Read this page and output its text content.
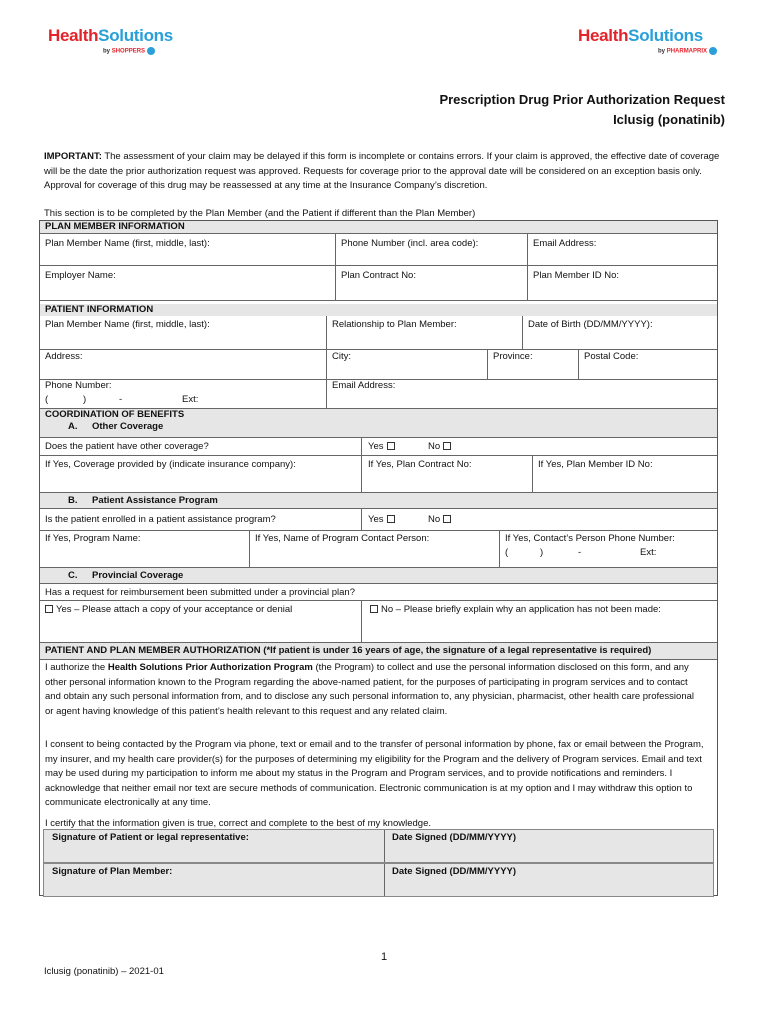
HealthSolutions
by SHOPPERS
HealthSolutions
by PHARMAPRIX
Prescription Drug Prior Authorization Request
Iclusig (ponatinib)
IMPORTANT: The assessment of your claim may be delayed if this form is incomplete or contains errors. If your claim is approved, the effective date of coverage will be the date the prior authorization request was approved. Requests for coverage prior to the approval date will be considered on an exception basis only. Approval for coverage of this drug may be reassessed at any time at the Insurance Company’s discretion.
This section is to be completed by the Plan Member (and the Patient if different than the Plan Member)
PLAN MEMBER INFORMATION
Plan Member Name (first, middle, last):	Phone Number (incl. area code):	Email Address:
Employer Name:	Plan Contract No:	Plan Member ID No:
PATIENT INFORMATION
Plan Member Name (first, middle, last):	Relationship to Plan Member:	Date of Birth (DD/MM/YYYY):
Address:	City:	Province:	Postal Code:
Phone Number:
(	)	-	Ext:
Email Address:
COORDINATION OF BENEFITS
A. Other Coverage
Does the patient have other coverage?	Yes	No
If Yes, Coverage provided by (indicate insurance company):	If Yes, Plan Contract No:	If Yes, Plan Member ID No:
B. Patient Assistance Program
Is the patient enrolled in a patient assistance program?	Yes	No
If Yes, Program Name:	If Yes, Name of Program Contact Person:	If Yes, Contact’s Person Phone Number:
(	)	-	Ext:
C. Provincial Coverage
Has a request for reimbursement been submitted under a provincial plan?
Yes – Please attach a copy of your acceptance or denial	No – Please briefly explain why an application has not been made:
PATIENT AND PLAN MEMBER AUTHORIZATION (*If patient is under 16 years of age, the signature of a legal representative is required)
I authorize the Health Solutions Prior Authorization Program (the Program) to collect and use the personal information disclosed on this form, and any other personal information known to the Program regarding the above-named patient, for the purposes of participating in program services and to contact and obtain any such personal information from, and to disclose any such personal information to, any physician, pharmacist, other health care professional or agent having knowledge of this patient’s health relevant to this request and any related claim.
I consent to being contacted by the Program via phone, text or email and to the transfer of personal information by phone, fax or email between the Program, my insurer, and my health care provider(s) for the purposes of determining my eligibility for the Program and the delivery of Program services. Email and text may be used during my participation to inform me about my status in the Program and Program services, and to provide notifications and reminders. I acknowledge that neither email nor text are secure methods of communication. Electronic communication is at my option and I may withdraw this option to communicate electronically at any time.
I certify that the information given is true, correct and complete to the best of my knowledge.
Signature of Patient or legal representative:	Date Signed (DD/MM/YYYY)
Signature of Plan Member:	Date Signed (DD/MM/YYYY)
1
Iclusig (ponatinib) – 2021-01
